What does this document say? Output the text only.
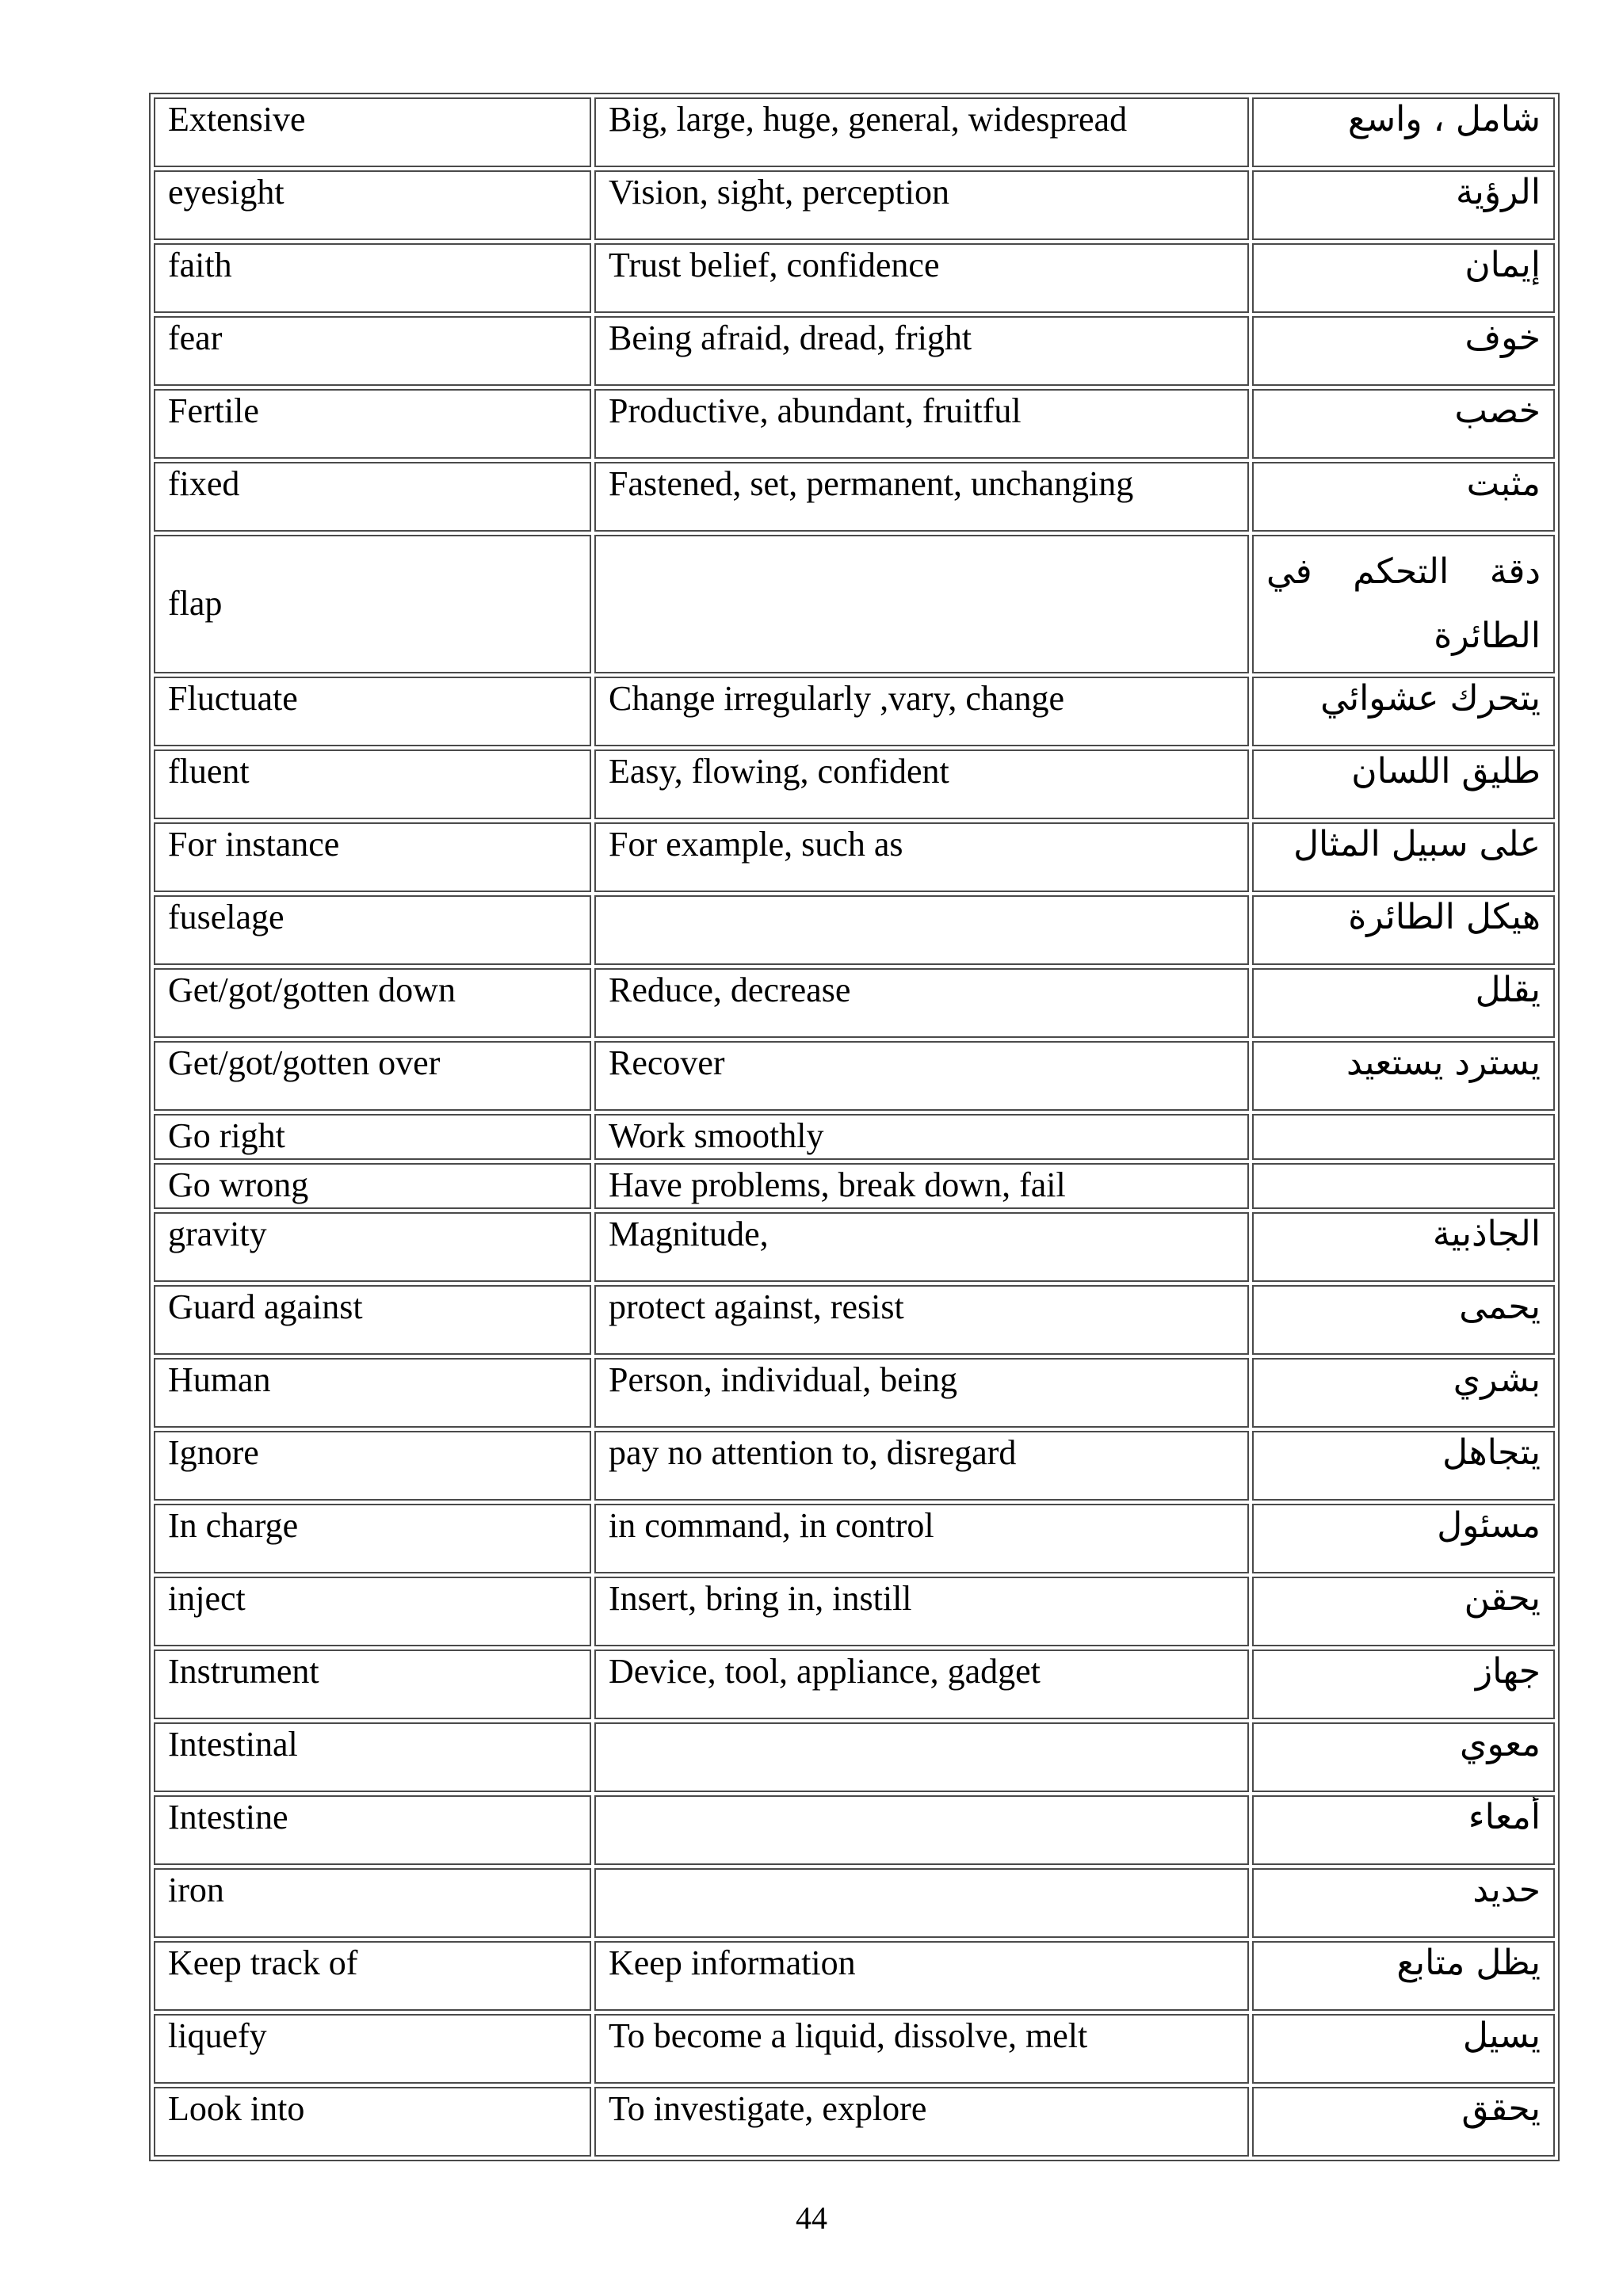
Extensive	Big, large, huge, general, widespread	شامل ، واسع
eyesight	Vision, sight, perception	الرؤية
faith	Trust belief, confidence	إيمان
fear	Being afraid, dread, fright	خوف
Fertile	Productive, abundant, fruitful	خصب
fixed	Fastened, set, permanent, unchanging	مثبت
flap		دقة التحكم في الطائرة
Fluctuate	Change irregularly ,vary, change	يتحرك عشوائي
fluent	Easy, flowing, confident	طليق اللسان
For instance	For example, such as	على سبيل المثال
fuselage		هيكل الطائرة
Get/got/gotten down	Reduce, decrease	يقلل
Get/got/gotten over	Recover	يسترد يستعيد
Go right	Work smoothly	
Go wrong	Have problems, break down, fail	
gravity	Magnitude,	الجاذبية
Guard against	protect against, resist	يحمى
Human	Person, individual, being	بشري
Ignore	pay no attention to, disregard	يتجاهل
In charge	in command, in control	مسئول
inject	Insert, bring in, instill	يحقن
Instrument	Device, tool, appliance, gadget	جهاز
Intestinal		معوي
Intestine		أمعاء
iron		حديد
Keep track of	Keep information	يظل متابع
liquefy	To become a liquid, dissolve, melt	يسيل
Look into	To investigate, explore	يحقق
44
